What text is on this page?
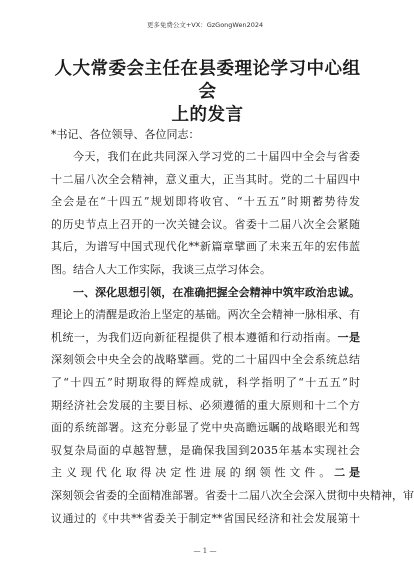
更多免费公文+VX：GzGongWen2024
人大常委会主任在县委理论学习中心组会
上的发言
*书记、各位领导、各位同志：
今天，我们在此共同深入学习党的二十届四中全会与省委
十二届八次全会精神，意义重大，正当其时。党的二十届四中
全会是在“十四五”规划即将收官、“十五五”时期蓄势待发
的历史节点上召开的一次关键会议。省委十二届八次全会紧随
其后，为谱写中国式现代化**新篇章擘画了未来五年的宏伟蓝
图。结合人大工作实际，我谈三点学习体会。
一、深化思想引领，在准确把握全会精神中筑牢政治忠诚。
理论上的清醒是政治上坚定的基础。两次全会精神一脉相承、有
机统一，为我们迈向新征程提供了根本遵循和行动指南。一是
深刻领会中央全会的战略擘画。党的二十届四中全会系统总结
了“十四五”时期取得的辉煌成就，科学指明了“十五五”时
期经济社会发展的主要目标、必须遵循的重大原则和十二个方
面的系统部署。这充分彰显了党中央高瞻远瞩的战略眼光和驾
驭复杂局面的卓越智慧，是确保我国到2035年基本实现社会
主义现代化取得决定性进展的纲领性文件。二是
深刻领会省委的全面精准部署。省委十二届八次全会深入贯彻中央精神，审
议通过的《中共**省委关于制定**省国民经济和社会发展第十
— 1 —
